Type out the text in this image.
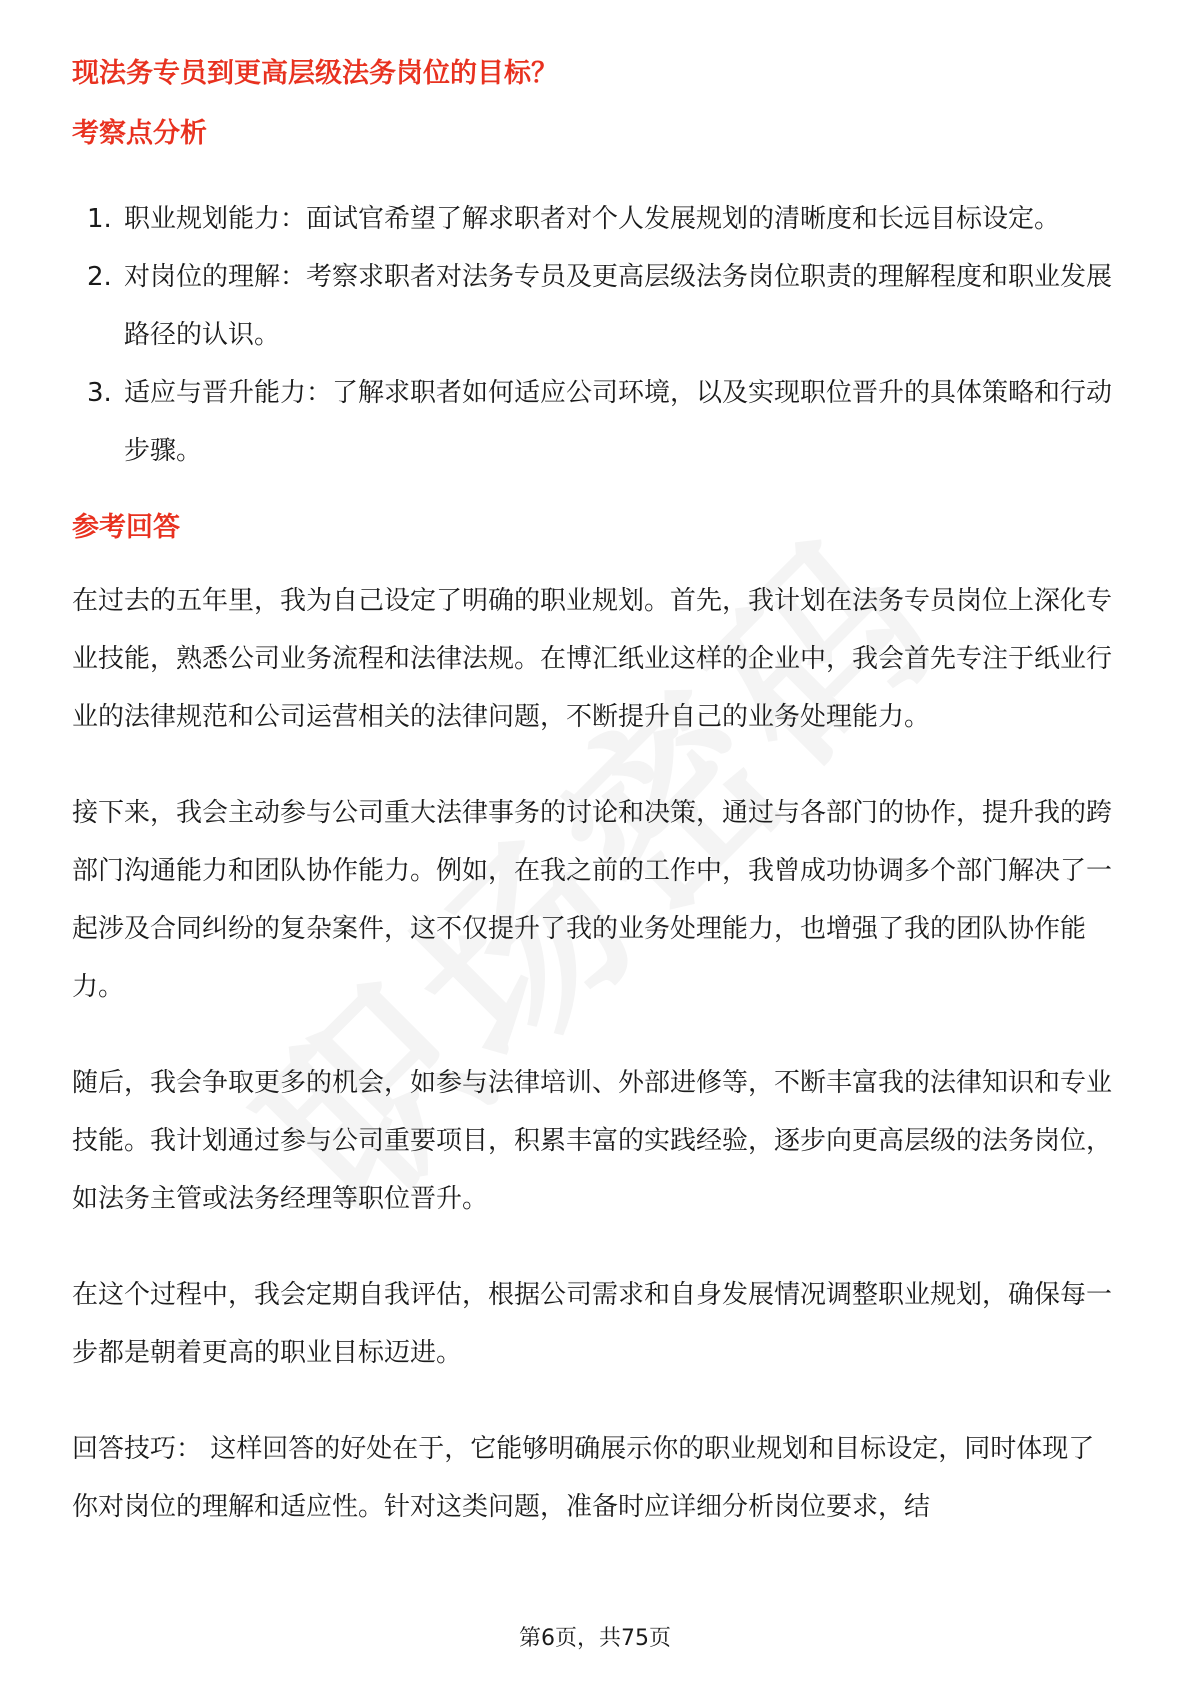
现法务专员到更高层级法务岗位的目标？
考察点分析
1. 职业规划能力：面试官希望了解求职者对个人发展规划的清晰度和长远目标设定。
2. 对岗位的理解：考察求职者对法务专员及更高层级法务岗位职责的理解程度和职业发展路径的认识。
3. 适应与晋升能力：了解求职者如何适应公司环境，以及实现职位晋升的具体策略和行动步骤。
参考回答

在过去的五年里，我为自己设定了明确的职业规划。首先，我计划在法务专员岗位上深化专业技能，熟悉公司业务流程和法律法规。在博汇纸业这样的企业中，我会首先专注于纸业行业的法律规范和公司运营相关的法律问题，不断提升自己的业务处理能力。

接下来，我会主动参与公司重大法律事务的讨论和决策，通过与各部门的协作，提升我的跨部门沟通能力和团队协作能力。例如，在我之前的工作中，我曾成功协调多个部门解决了一起涉及合同纠纷的复杂案件，这不仅提升了我的业务处理能力，也增强了我的团队协作能力。

随后，我会争取更多的机会，如参与法律培训、外部进修等，不断丰富我的法律知识和专业技能。我计划通过参与公司重要项目，积累丰富的实践经验，逐步向更高层级的法务岗位，如法务主管或法务经理等职位晋升。

在这个过程中，我会定期自我评估，根据公司需求和自身发展情况调整职业规划，确保每一步都是朝着更高的职业目标迈进。

回答技巧： 这样回答的好处在于，它能够明确展示你的职业规划和目标设定，同时体现了你对岗位的理解和适应性。针对这类问题，准备时应详细分析岗位要求，结

第6页，共75页
